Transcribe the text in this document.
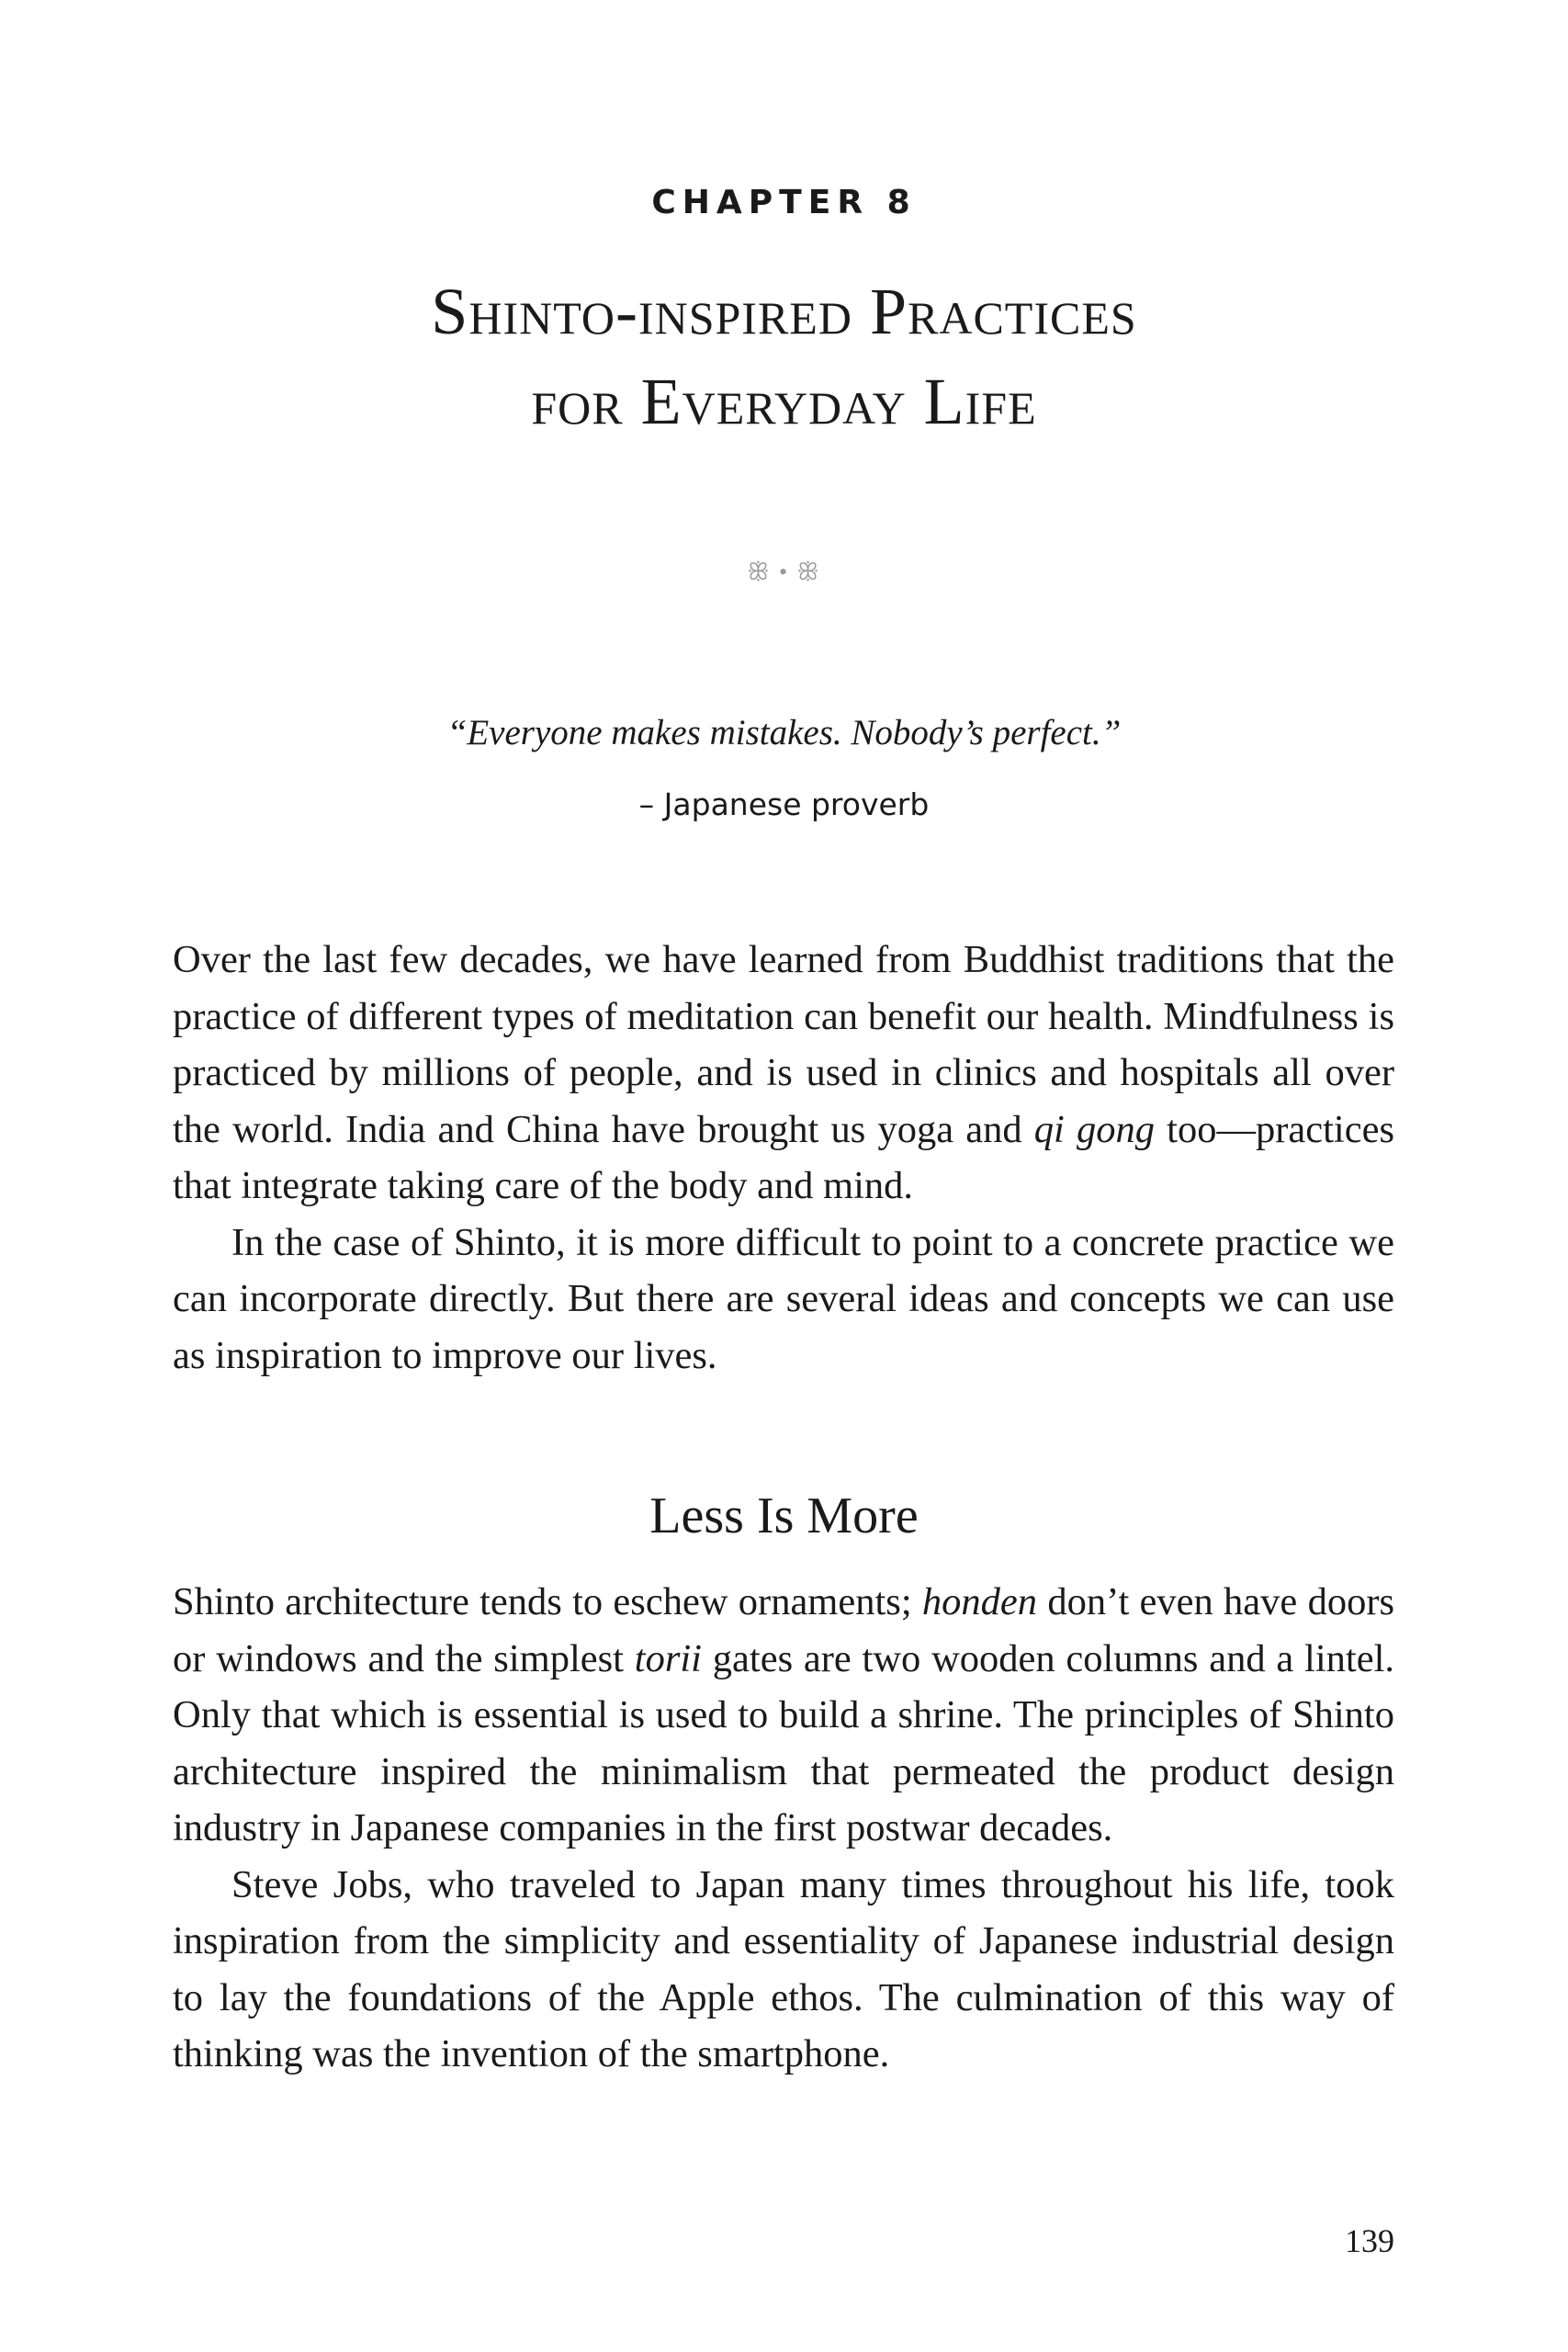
CHAPTER 8
Shinto-inspired Practices
for Everyday Life
ꕥ • ꕥ
“Everyone makes mistakes. Nobody’s perfect.”
– Japanese proverb

Over the last few decades, we have learned from Buddhist traditions that the practice of different types of meditation can benefit our health. Mindfulness is practiced by millions of people, and is used in clinics and hospitals all over the world. India and China have brought us yoga and qi gong too—practices that integrate taking care of the body and mind.

In the case of Shinto, it is more difficult to point to a concrete practice we can incorporate directly. But there are several ideas and concepts we can use as inspiration to improve our lives.

Less Is More

Shinto architecture tends to eschew ornaments; honden don’t even have doors or windows and the simplest torii gates are two wooden columns and a lintel. Only that which is essential is used to build a shrine. The principles of Shinto architecture inspired the minimalism that permeated the product design industry in Japanese companies in the first postwar decades.

Steve Jobs, who traveled to Japan many times throughout his life, took inspiration from the simplicity and essentiality of Japanese industrial design to lay the foundations of the Apple ethos. The culmination of this way of thinking was the invention of the smartphone.

139
